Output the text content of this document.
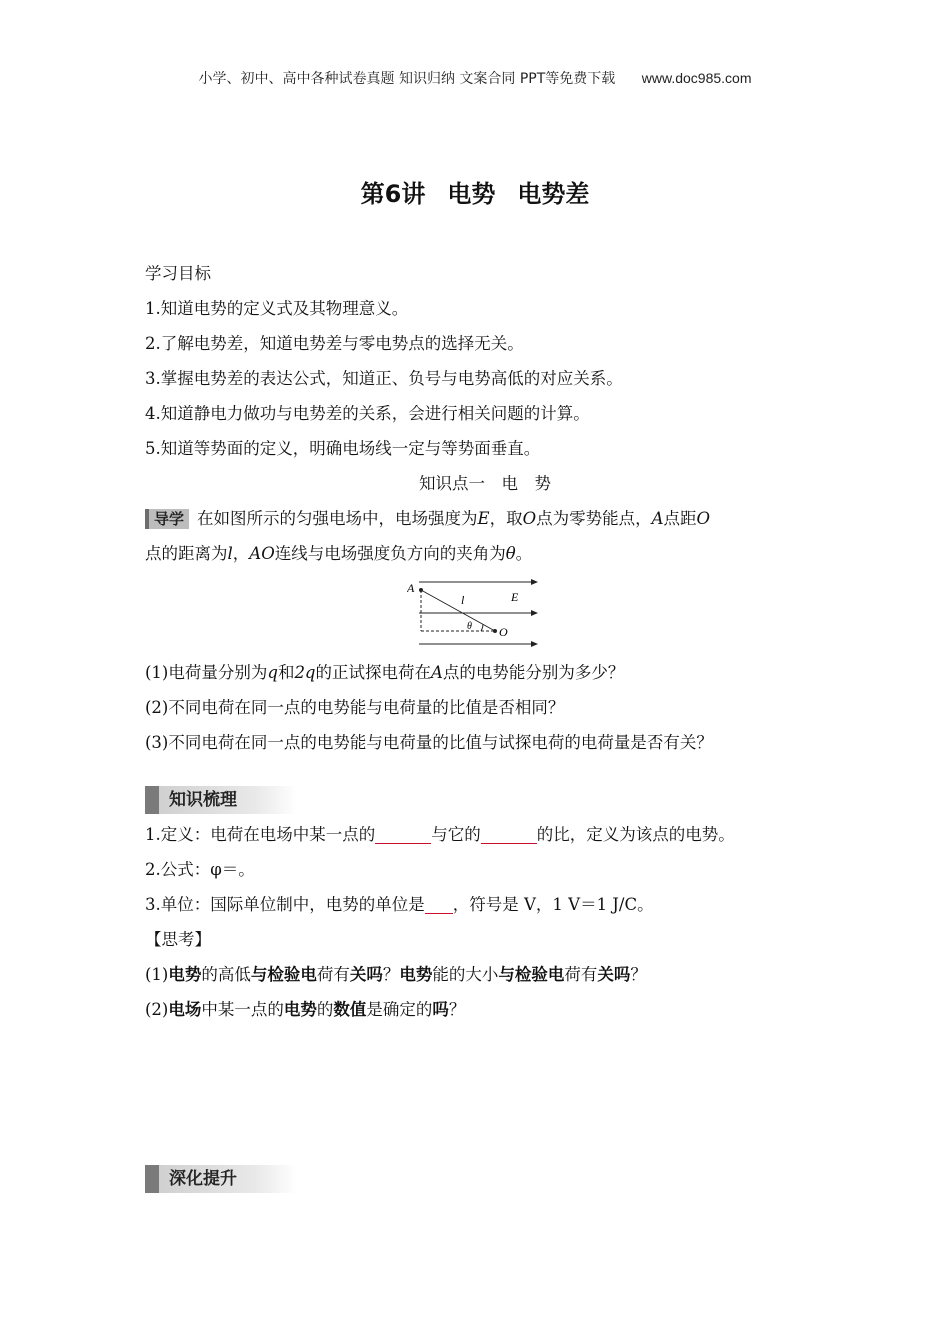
小学、初中、高中各种试卷真题 知识归纳 文案合同 PPT等免费下载 www.doc985.com
第6讲 电势 电势差
学习目标
1.知道电势的定义式及其物理意义。
2.了解电势差，知道电势差与零电势点的选择无关。
3.掌握电势差的表达公式，知道正、负号与电势高低的对应关系。
4.知道静电力做功与电势差的关系，会进行相关问题的计算。
5.知道等势面的定义，明确电场线一定与等势面垂直。
知识点一　电　势
导学 在如图所示的匀强电场中，电场强度为E，取O点为零势能点，A点距O
点的距离为l，AO连线与电场强度负方向的夹角为θ。
A
l	E
θ O
(1)电荷量分别为q和2q的正试探电荷在A点的电势能分别为多少？
(2)不同电荷在同一点的电势能与电荷量的比值是否相同？
(3)不同电荷在同一点的电势能与电荷量的比值与试探电荷的电荷量是否有关？
知识梳理
1.定义：电荷在电场中某一点的	与它的	的比，定义为该点的电势。
2.公式：φ＝。
3.单位：国际单位制中，电势的单位是 ，符号是 V，1 V＝1 J/C。
【思考】
(1)电势的高低与检验电荷有关吗？电势能的大小与检验电荷有关吗？
(2)电场中某一点的电势的数值是确定的吗？
深化提升
